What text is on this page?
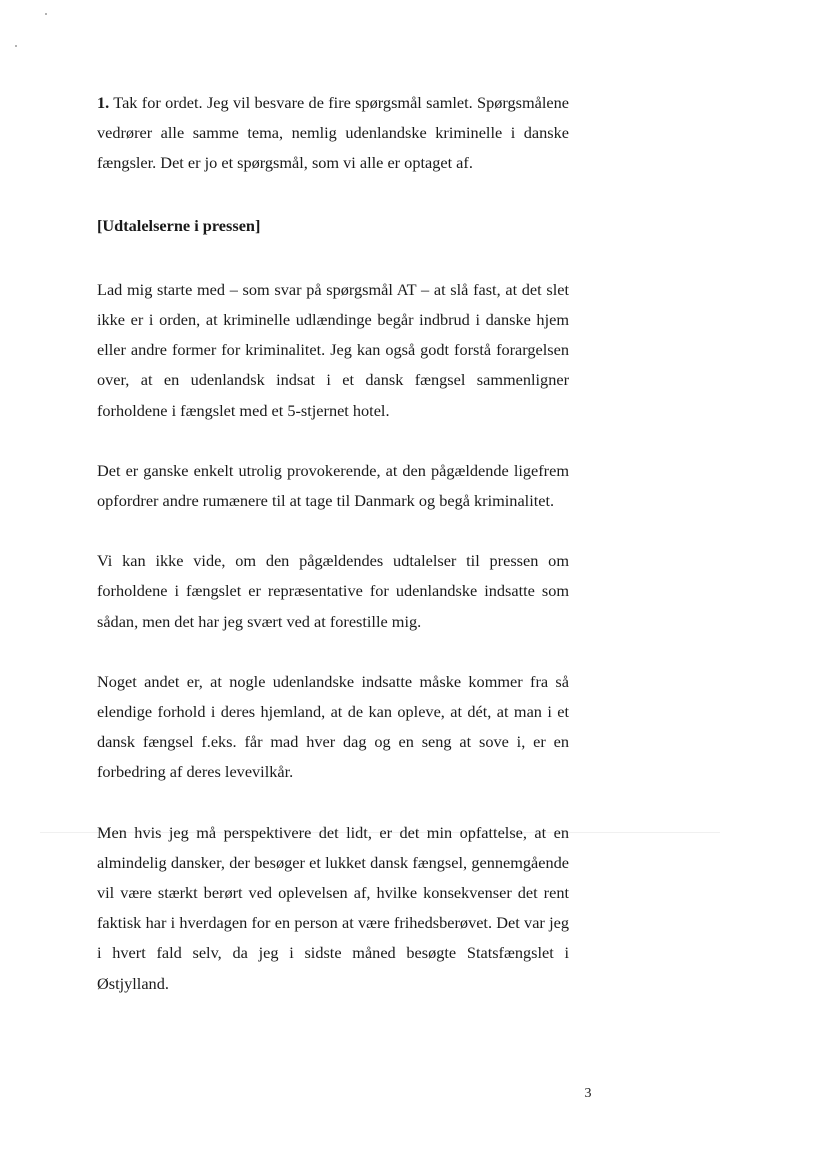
1. Tak for ordet. Jeg vil besvare de fire spørgsmål samlet. Spørgsmålene vedrører alle samme tema, nemlig udenlandske kriminelle i danske fængsler. Det er jo et spørgsmål, som vi alle er optaget af.

[Udtalelserne i pressen]

Lad mig starte med – som svar på spørgsmål AT – at slå fast, at det slet ikke er i orden, at kriminelle udlændinge begår indbrud i danske hjem eller andre former for kriminalitet. Jeg kan også godt forstå forargelsen over, at en udenlandsk indsat i et dansk fængsel sammenligner forholdene i fængslet med et 5-stjernet hotel.

Det er ganske enkelt utrolig provokerende, at den pågældende ligefrem opfordrer andre rumænere til at tage til Danmark og begå kriminalitet.

Vi kan ikke vide, om den pågældendes udtalelser til pressen om forholdene i fængslet er repræsentative for udenlandske indsatte som sådan, men det har jeg svært ved at forestille mig.

Noget andet er, at nogle udenlandske indsatte måske kommer fra så elendige forhold i deres hjemland, at de kan opleve, at dét, at man i et dansk fængsel f.eks. får mad hver dag og en seng at sove i, er en forbedring af deres levevilkår.

Men hvis jeg må perspektivere det lidt, er det min opfattelse, at en almindelig dansker, der besøger et lukket dansk fængsel, gennemgående vil være stærkt berørt ved oplevelsen af, hvilke konsekvenser det rent faktisk har i hverdagen for en person at være frihedsberøvet. Det var jeg i hvert fald selv, da jeg i sidste måned besøgte Statsfængslet i Østjylland.

3
